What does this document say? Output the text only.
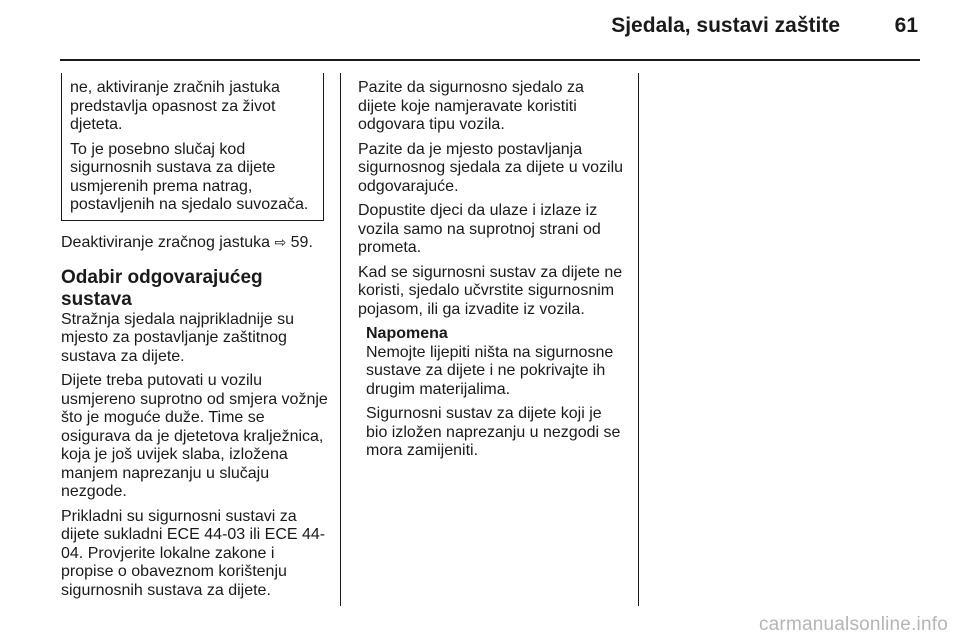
Sjedala, sustavi zaštite	61

ne, aktiviranje zračnih jastuka predstavlja opasnost za život djeteta.

To je posebno slučaj kod sigurnosnih sustava za dijete usmjerenih prema natrag, postavljenih na sjedalo suvozača.

Deaktiviranje zračnog jastuka ⇨ 59.

Odabir odgovarajućeg sustava

Stražnja sjedala najprikladnije su mjesto za postavljanje zaštitnog sustava za dijete.

Dijete treba putovati u vozilu usmjereno suprotno od smjera vožnje što je moguće duže. Time se osigurava da je djetetova kralježnica, koja je još uvijek slaba, izložena manjem naprezanju u slučaju nezgode.

Prikladni su sigurnosni sustavi za dijete sukladni ECE 44-03 ili ECE 44-04. Provjerite lokalne zakone i propise o obaveznom korištenju sigurnosnih sustava za dijete.

Pazite da sigurnosno sjedalo za dijete koje namjeravate koristiti odgovara tipu vozila.

Pazite da je mjesto postavljanja sigurnosnog sjedala za dijete u vozilu odgovarajuće.

Dopustite djeci da ulaze i izlaze iz vozila samo na suprotnoj strani od prometa.

Kad se sigurnosni sustav za dijete ne koristi, sjedalo učvrstite sigurnosnim pojasom, ili ga izvadite iz vozila.

Napomena

Nemojte lijepiti ništa na sigurnosne sustave za dijete i ne pokrivajte ih drugim materijalima.

Sigurnosni sustav za dijete koji je bio izložen naprezanju u nezgodi se mora zamijeniti.

carmanualsonline.info
